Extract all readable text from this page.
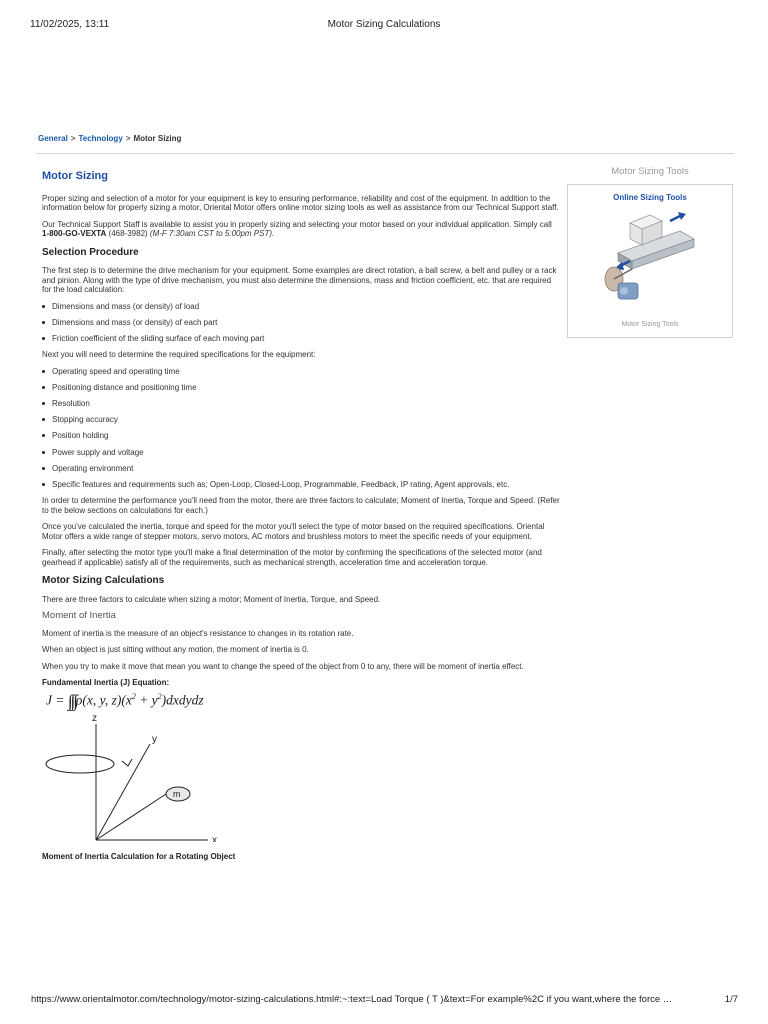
11/02/2025, 13:11	Motor Sizing Calculations
General > Technology > Motor Sizing
Motor Sizing

Proper sizing and selection of a motor for your equipment is key to ensuring performance, reliability and cost of the equipment. In addition to the information below for properly sizing a motor, Oriental Motor offers online motor sizing tools as well as assistance from our Technical Support staff.

Our Technical Support Staff is available to assist you in properly sizing and selecting your motor based on your individual application. Simply call 1-800-GO-VEXTA (468-3982) (M-F 7:30am CST to 5:00pm PST).

Selection Procedure

The first step is to determine the drive mechanism for your equipment. Some examples are direct rotation, a ball screw, a belt and pulley or a rack and pinion. Along with the type of drive mechanism, you must also determine the dimensions, mass and friction coefficient, etc. that are required for the load calculation:

Dimensions and mass (or density) of load
Dimensions and mass (or density) of each part
Friction coefficient of the sliding surface of each moving part

Next you will need to determine the required specifications for the equipment:

Operating speed and operating time
Positioning distance and positioning time
Resolution
Stopping accuracy
Position holding
Power supply and voltage
Operating environment
Specific features and requirements such as; Open-Loop, Closed-Loop, Programmable, Feedback, IP rating, Agent approvals, etc.

In order to determine the performance you'll need from the motor, there are three factors to calculate; Moment of Inertia, Torque and Speed. (Refer to the below sections on calculations for each.)

Once you've calculated the inertia, torque and speed for the motor you'll select the type of motor based on the required specifications. Oriental Motor offers a wide range of stepper motors, servo motors, AC motors and brushless motors to meet the specific needs of your equipment.

Finally, after selecting the motor type you'll make a final determination of the motor by confirming the specifications of the selected motor (and gearhead if applicable) satisfy all of the requirements, such as mechanical strength, acceleration time and acceleration torque.

Motor Sizing Calculations

There are three factors to calculate when sizing a motor; Moment of Inertia, Torque, and Speed.

Moment of Inertia

Moment of inertia is the measure of an object's resistance to changes in its rotation rate.

When an object is just sitting without any motion, the moment of inertia is 0.

When you try to make it move that mean you want to change the speed of the object from 0 to any, there will be moment of inertia effect.

Fundamental Inertia (J) Equation:
J = ∫∫∫ρ(x, y, $z)(x^2$ + $y^2)dxdydz$
z
y
x
m
Moment of Inertia Calculation for a Rotating Object
Motor Sizing Tools
Online Sizing Tools
Motor Sizing Tools
https://www.orientalmotor.com/technology/motor-sizing-calculations.html#:~:text=Load Torque ( T )&text=For example%2C if you want,where the force …	1/7
